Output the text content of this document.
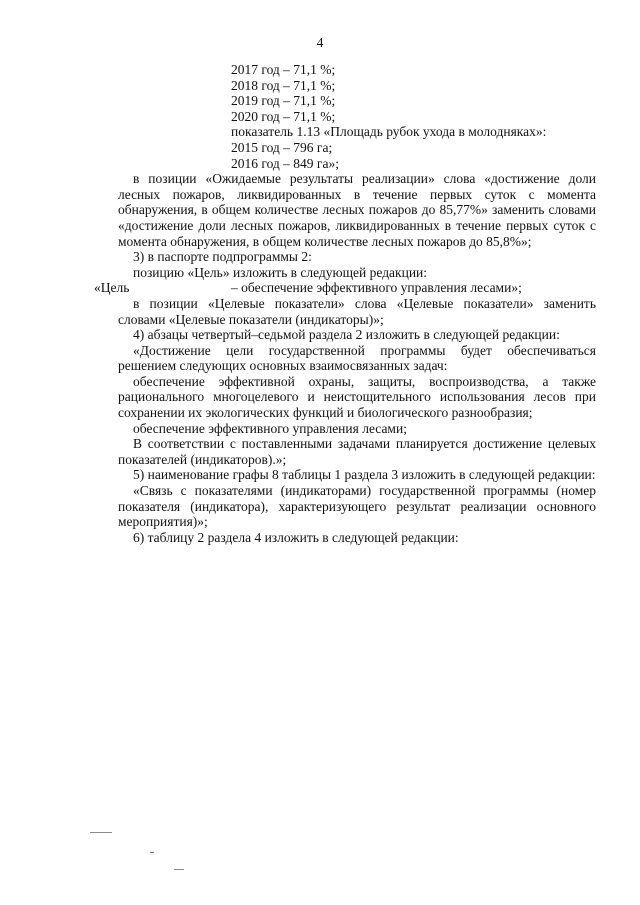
4
2017 год – 71,1 %;
2018 год – 71,1 %;
2019 год – 71,1 %;
2020 год – 71,1 %;
показатель 1.13 «Площадь рубок ухода в молодняках»:
2015 год – 796 га;
2016 год – 849 га»;
в позиции «Ожидаемые результаты реализации» слова «достижение доли
лесных пожаров, ликвидированных в течение первых суток с момента
обнаружения, в общем количестве лесных пожаров до 85,77%» заменить словами
«достижение доли лесных пожаров, ликвидированных в течение первых суток с
момента обнаружения, в общем количестве лесных пожаров до 85,8%»;
3) в паспорте подпрограммы 2:
позицию «Цель» изложить в следующей редакции:
«Цель	– обеспечение эффективного управления лесами»;
в позиции «Целевые показатели» слова «Целевые показатели» заменить
словами «Целевые показатели (индикаторы)»;
4) абзацы четвертый–седьмой раздела 2 изложить в следующей редакции:
«Достижение цели государственной программы будет обеспечиваться решением следующих основных взаимосвязанных задач:
обеспечение эффективной охраны, защиты, воспроизводства, а также рационального многоцелевого и неистощительного использования лесов при сохранении их экологических функций и биологического разнообразия;
обеспечение эффективного управления лесами;
В соответствии с поставленными задачами планируется достижение целевых показателей (индикаторов).»;
5) наименование графы 8 таблицы 1 раздела 3 изложить в следующей редакции:
«Связь с показателями (индикаторами) государственной программы (номер показателя (индикатора), характеризующего результат реализации основного мероприятия)»;
6) таблицу 2 раздела 4 изложить в следующей редакции:
